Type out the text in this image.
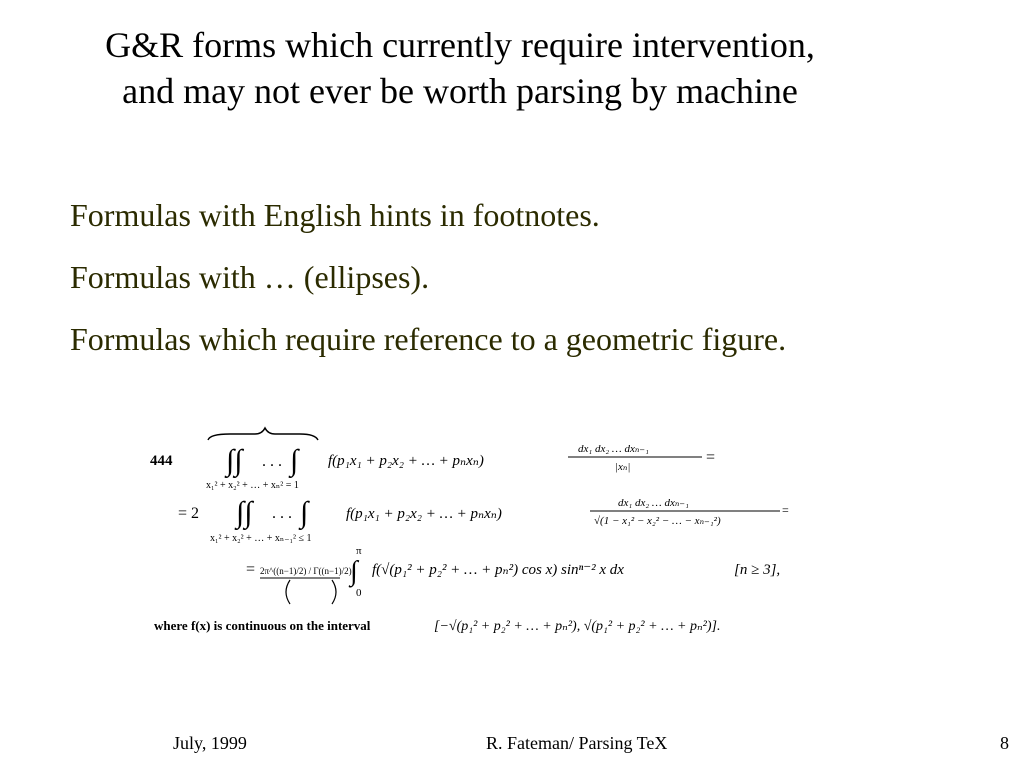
G&R forms which currently require intervention,
and may not ever be worth parsing by machine
Formulas with English hints in footnotes.
Formulas with … (ellipses).
Formulas which require reference to a geometric figure.
444 ∫∫ . . . ∫
x₁² + x₂² + … + xₙ² = 1
f(p₁x₁ + p₂x₂ + … + pₙxₙ)
dx₁ dx₂ … dxₙ₋₁
|xₙ|
=
= 2 ∫∫ . . . ∫
x₁² + x₂² + … + xₙ₋₁² ≤ 1
f(p₁x₁ + p₂x₂ + … + pₙxₙ)
dx₁ dx₂ … dxₙ₋₁
√(1 − x₁² − x₂² − … − xₙ₋₁²)
=
= 2π^((n−1)/2) / Γ((n−1)/2)
π
∫
0
f(√(p₁² + p₂² + … + pₙ²) cos x) sinⁿ⁻² x dx	[n ≥ 3],
where f(x) is continuous on the interval	[−√(p₁² + p₂² + … + pₙ²), √(p₁² + p₂² + … + pₙ²)].
July, 1999	R. Fateman/ Parsing TeX	8
